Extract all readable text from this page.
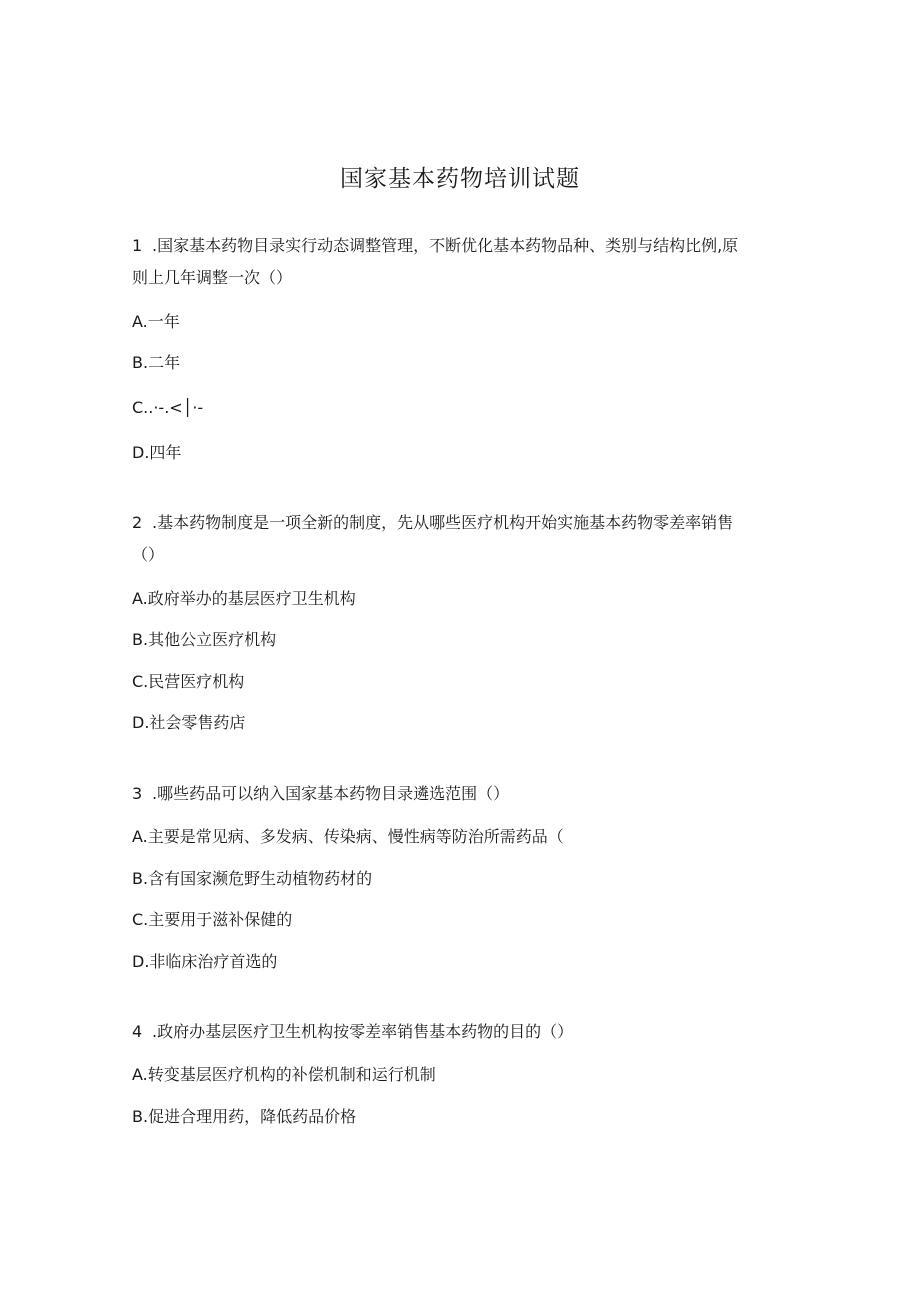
国家基本药物培训试题
1 .国家基本药物目录实行动态调整管理，不断优化基本药物品种、类别与结构比例,原
则上几年调整一次（）
A.一年
B.二年
C..·-.<│·-
D.四年
2 .基本药物制度是一项全新的制度，先从哪些医疗机构开始实施基本药物零差率销售
（）
A.政府举办的基层医疗卫生机构
B.其他公立医疗机构
C.民营医疗机构
D.社会零售药店
3 .哪些药品可以纳入国家基本药物目录遴选范围（）
A.主要是常见病、多发病、传染病、慢性病等防治所需药品（
B.含有国家濒危野生动植物药材的
C.主要用于滋补保健的
D.非临床治疗首选的
4 .政府办基层医疗卫生机构按零差率销售基本药物的目的（）
A.转变基层医疗机构的补偿机制和运行机制
B.促进合理用药，降低药品价格
